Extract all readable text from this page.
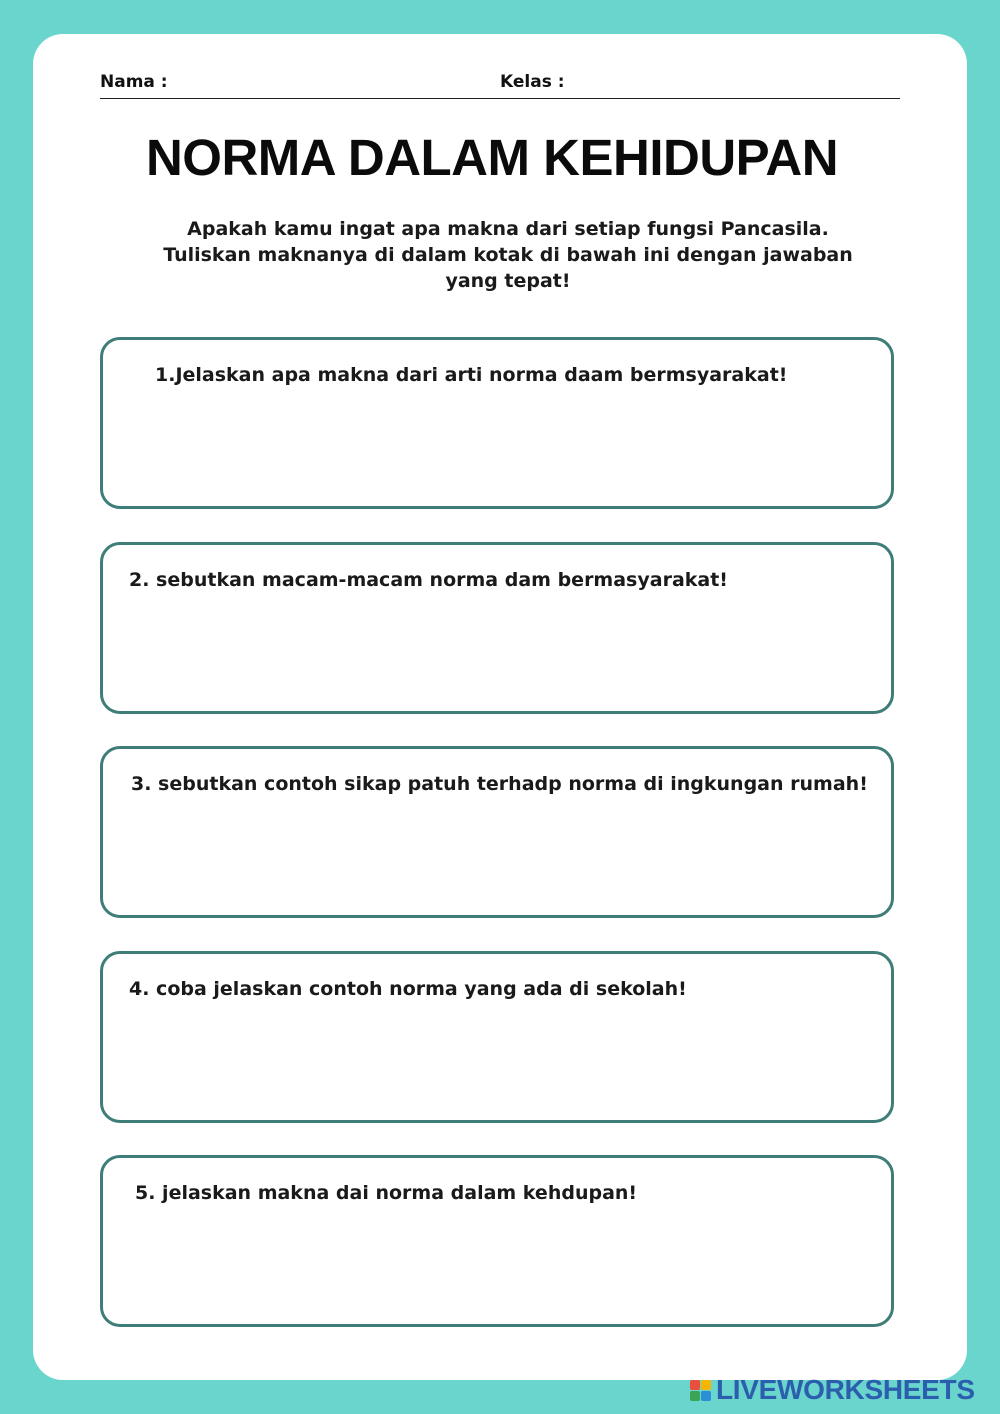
Nama :	Kelas :
NORMA DALAM KEHIDUPAN
Apakah kamu ingat apa makna dari setiap fungsi Pancasila.
Tuliskan maknanya di dalam kotak di bawah ini dengan jawaban
yang tepat!
1.Jelaskan apa makna dari arti norma daam bermsyarakat!
2. sebutkan macam-macam norma dam bermasyarakat!
3. sebutkan contoh sikap patuh terhadp norma di ingkungan rumah!
4. coba jelaskan contoh norma yang ada di sekolah!
5. jelaskan makna dai norma dalam kehdupan!
LIVEWORKSHEETS
